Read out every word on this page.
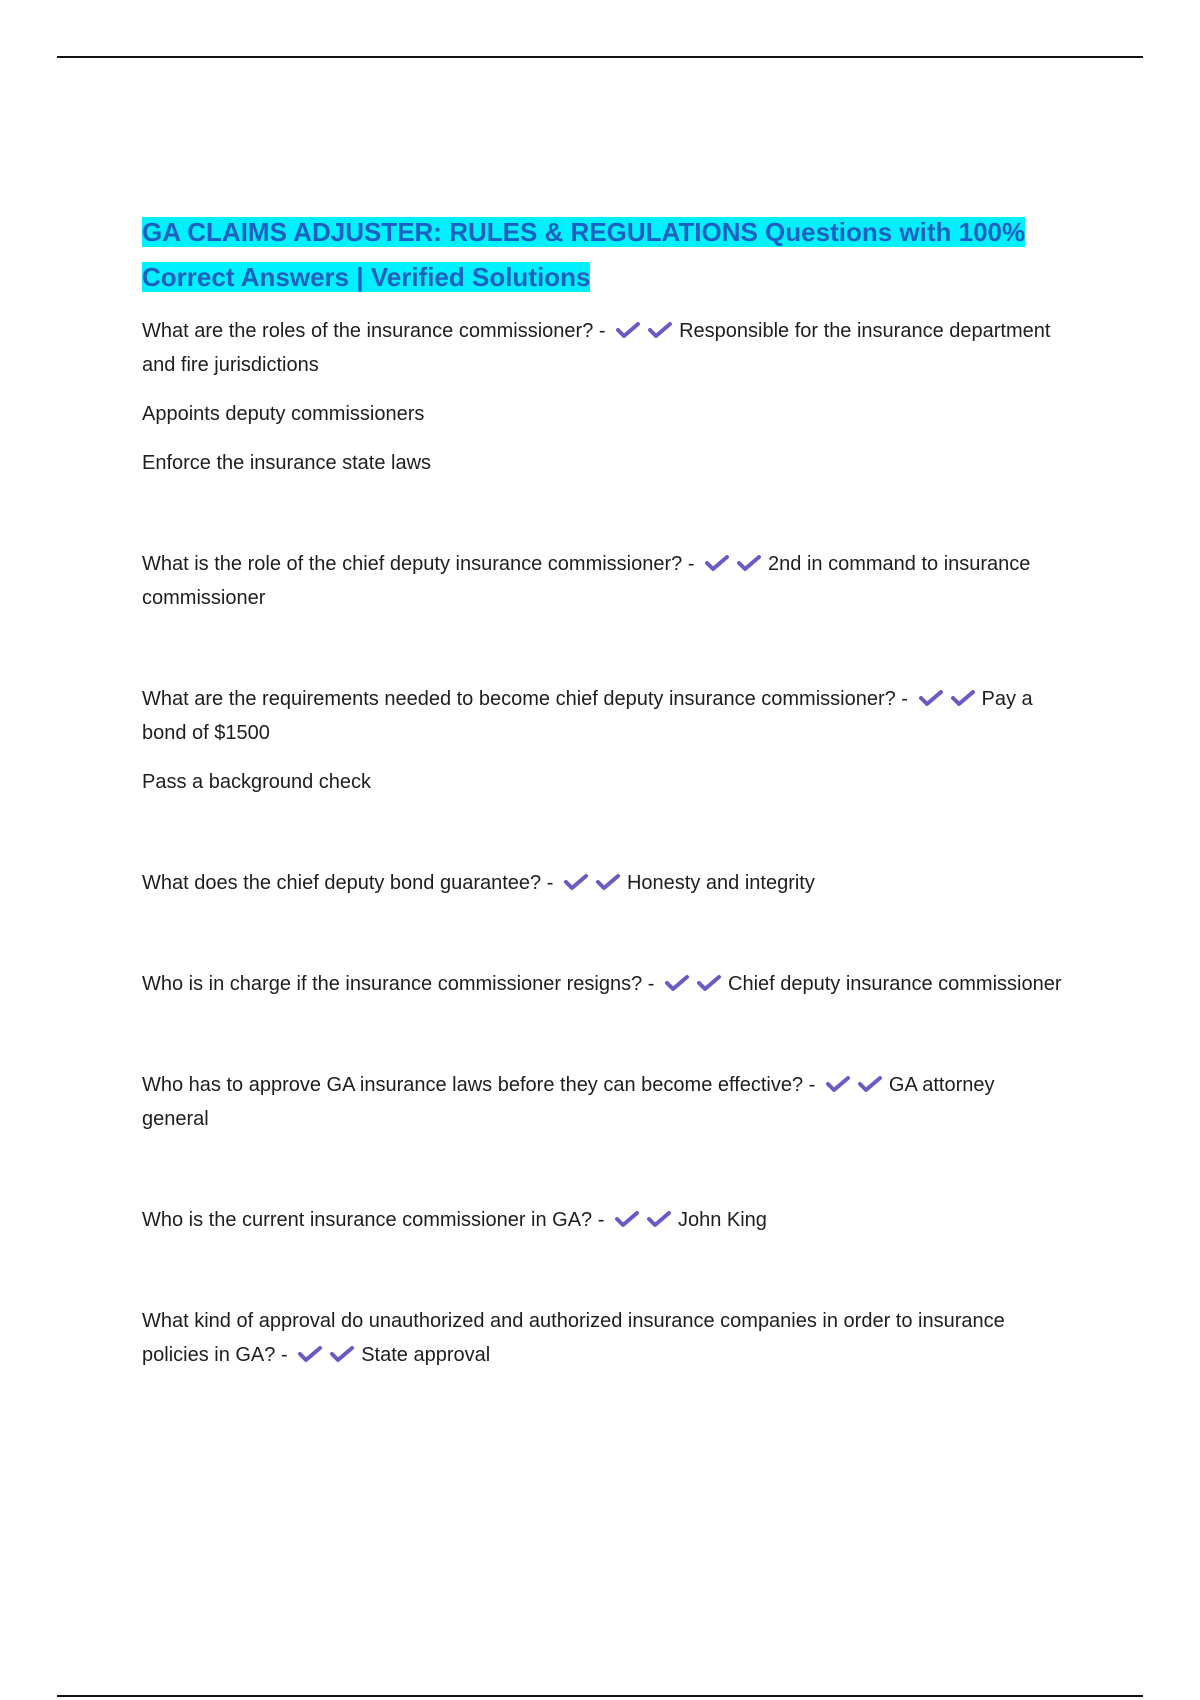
GA CLAIMS ADJUSTER: RULES & REGULATIONS Questions with 100% Correct Answers | Verified Solutions

What are the roles of the insurance commissioner? -	Responsible for the insurance department and fire jurisdictions

Appoints deputy commissioners

Enforce the insurance state laws

What is the role of the chief deputy insurance commissioner? -	2nd in command to insurance commissioner

What are the requirements needed to become chief deputy insurance commissioner? -	Pay a bond of $1500

Pass a background check

What does the chief deputy bond guarantee? -	Honesty and integrity

Who is in charge if the insurance commissioner resigns? -	Chief deputy insurance commissioner

Who has to approve GA insurance laws before they can become effective? -	GA attorney general

Who is the current insurance commissioner in GA? -	John King

What kind of approval do unauthorized and authorized insurance companies in order to insurance policies in GA? -	State approval
